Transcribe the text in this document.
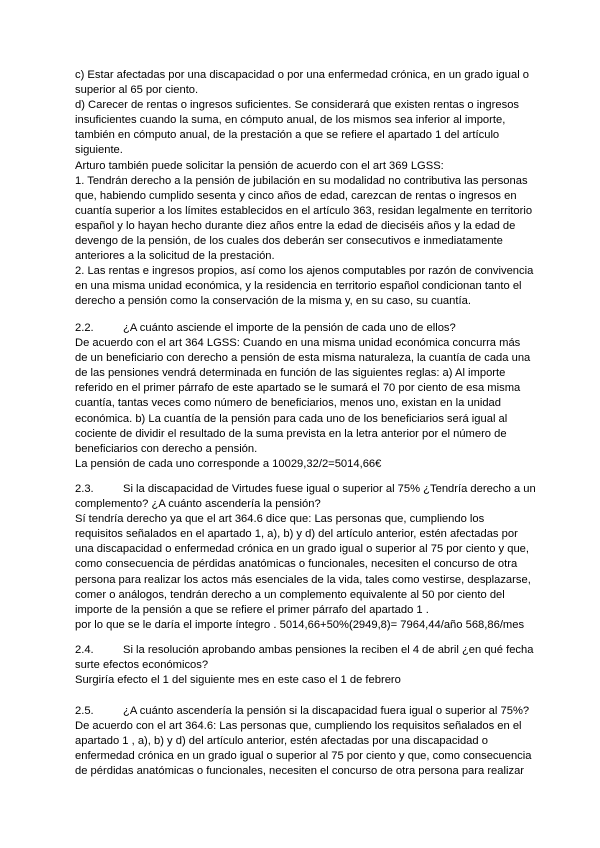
c) Estar afectadas por una discapacidad o por una enfermedad crónica, en un grado igual o

superior al 65 por ciento.

d) Carecer de rentas o ingresos suficientes. Se considerará que existen rentas o ingresos

insuficientes cuando la suma, en cómputo anual, de los mismos sea inferior al importe,

también en cómputo anual, de la prestación a que se refiere el apartado 1 del artículo

siguiente.

Arturo también puede solicitar la pensión de acuerdo con el art 369 LGSS:

1. Tendrán derecho a la pensión de jubilación en su modalidad no contributiva las personas

que, habiendo cumplido sesenta y cinco años de edad, carezcan de rentas o ingresos en

cuantía superior a los límites establecidos en el artículo 363, residan legalmente en territorio

español y lo hayan hecho durante diez años entre la edad de dieciséis años y la edad de

devengo de la pensión, de los cuales dos deberán ser consecutivos e inmediatamente

anteriores a la solicitud de la prestación.

2. Las rentas e ingresos propios, así como los ajenos computables por razón de convivencia

en una misma unidad económica, y la residencia en territorio español condicionan tanto el

derecho a pensión como la conservación de la misma y, en su caso, su cuantía.

2.2.	¿A cuánto asciende el importe de la pensión de cada uno de ellos?

De acuerdo con el art 364 LGSS: Cuando en una misma unidad económica concurra más

de un beneficiario con derecho a pensión de esta misma naturaleza, la cuantía de cada una

de las pensiones vendrá determinada en función de las siguientes reglas: a) Al importe

referido en el primer párrafo de este apartado se le sumará el 70 por ciento de esa misma

cuantía, tantas veces como número de beneficiarios, menos uno, existan en la unidad

económica. b) La cuantía de la pensión para cada uno de los beneficiarios será igual al

cociente de dividir el resultado de la suma prevista en la letra anterior por el número de

beneficiarios con derecho a pensión.

La pensión de cada uno corresponde a 10029,32/2=5014,66€

2.3.	Si la discapacidad de Virtudes fuese igual o superior al 75% ¿Tendría derecho a un

complemento? ¿A cuánto ascendería la pensión?

Sí tendría derecho ya que el art 364.6 dice que: Las personas que, cumpliendo los

requisitos señalados en el apartado 1, a), b) y d) del artículo anterior, estén afectadas por

una discapacidad o enfermedad crónica en un grado igual o superior al 75 por ciento y que,

como consecuencia de pérdidas anatómicas o funcionales, necesiten el concurso de otra

persona para realizar los actos más esenciales de la vida, tales como vestirse, desplazarse,

comer o análogos, tendrán derecho a un complemento equivalente al 50 por ciento del

importe de la pensión a que se refiere el primer párrafo del apartado 1 .

por lo que se le daría el importe íntegro . 5014,66+50%(2949,8)= 7964,44/año 568,86/mes

2.4.	Si la resolución aprobando ambas pensiones la reciben el 4 de abril ¿en qué fecha

surte efectos económicos?

Surgiría efecto el 1 del siguiente mes en este caso el 1 de febrero

2.5.	¿A cuánto ascendería la pensión si la discapacidad fuera igual o superior al 75%?

De acuerdo con el art 364.6: Las personas que, cumpliendo los requisitos señalados en el

apartado 1 , a), b) y d) del artículo anterior, estén afectadas por una discapacidad o

enfermedad crónica en un grado igual o superior al 75 por ciento y que, como consecuencia

de pérdidas anatómicas o funcionales, necesiten el concurso de otra persona para realizar
